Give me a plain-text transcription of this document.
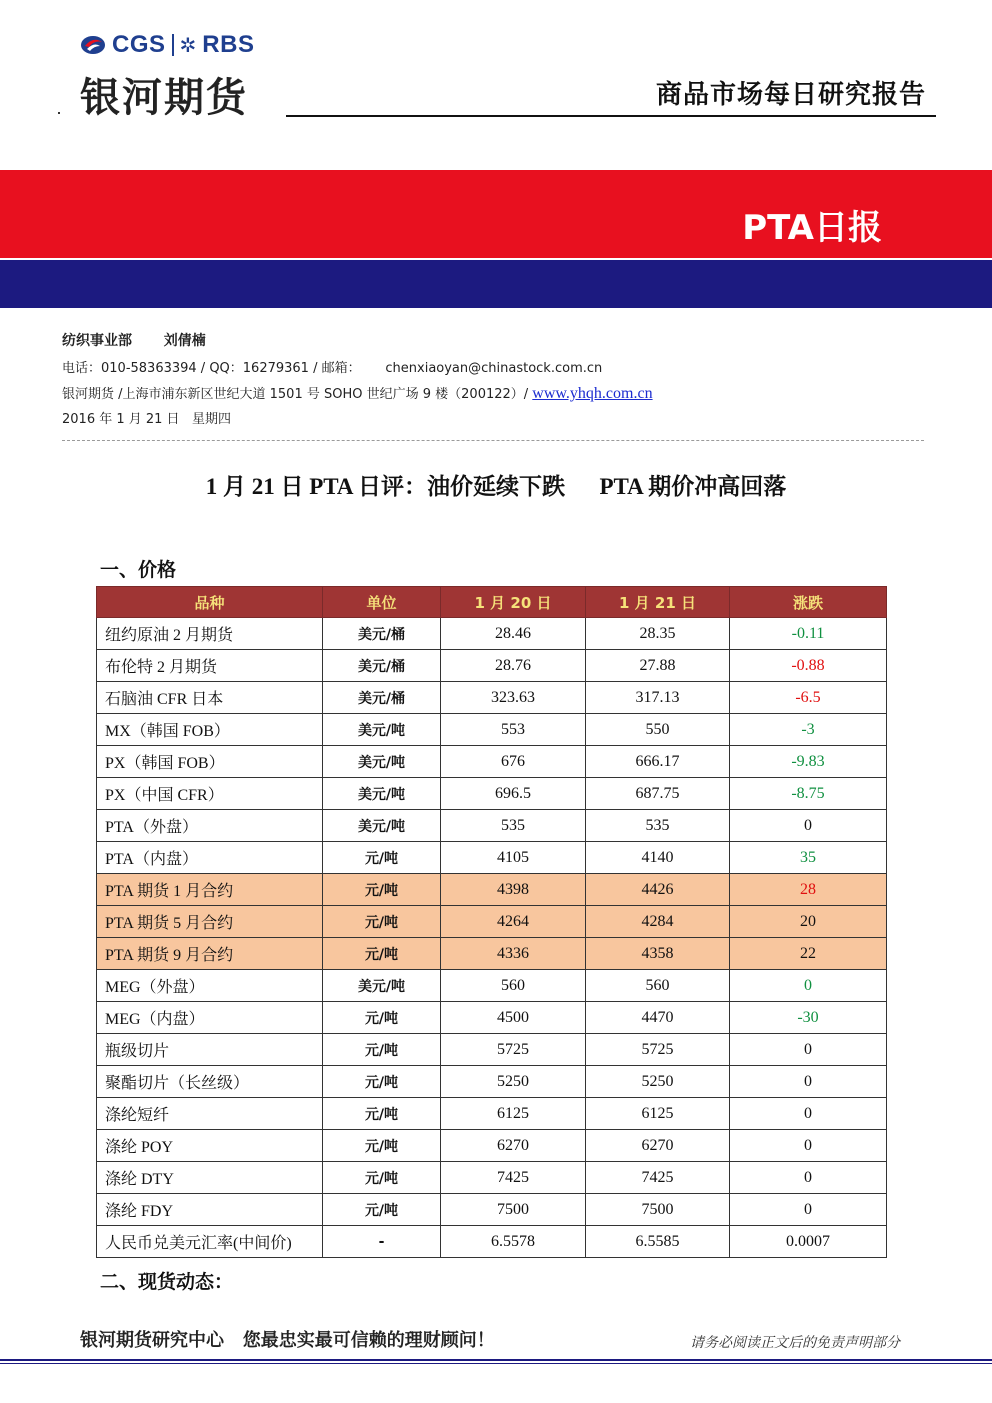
CGS ✲ RBS
银河期货	商品市场每日研究报告
PTA日报
纺织事业部 刘倩楠
电话：010-58363394 / QQ：16279361 / 邮箱：      chenxiaoyan@chinastock.com.cn
银河期货 /上海市浦东新区世纪大道 1501 号 SOHO 世纪广场 9 楼（200122）/ www.yhqh.com.cn
2016 年 1 月 21 日   星期四
1 月 21 日 PTA 日评：油价延续下跌      PTA 期价冲高回落
一、价格
品种	单位	1 月 20 日	1 月 21 日	涨跌
纽约原油 2 月期货	美元/桶	28.46	28.35	-0.11
布伦特 2 月期货	美元/桶	28.76	27.88	-0.88
石脑油 CFR 日本	美元/桶	323.63	317.13	-6.5
MX（韩国 FOB）	美元/吨	553	550	-3
PX（韩国 FOB）	美元/吨	676	666.17	-9.83
PX（中国 CFR）	美元/吨	696.5	687.75	-8.75
PTA（外盘）	美元/吨	535	535	0
PTA（内盘）	元/吨	4105	4140	35
PTA 期货 1 月合约	元/吨	4398	4426	28
PTA 期货 5 月合约	元/吨	4264	4284	20
PTA 期货 9 月合约	元/吨	4336	4358	22
MEG（外盘）	美元/吨	560	560	0
MEG（内盘）	元/吨	4500	4470	-30
瓶级切片	元/吨	5725	5725	0
聚酯切片（长丝级）	元/吨	5250	5250	0
涤纶短纤	元/吨	6125	6125	0
涤纶 POY	元/吨	6270	6270	0
涤纶 DTY	元/吨	7425	7425	0
涤纶 FDY	元/吨	7500	7500	0
人民币兑美元汇率(中间价)	-	6.5578	6.5585	0.0007
二、现货动态：
银河期货研究中心   您最忠实最可信赖的理财顾问！	请务必阅读正文后的免责声明部分
